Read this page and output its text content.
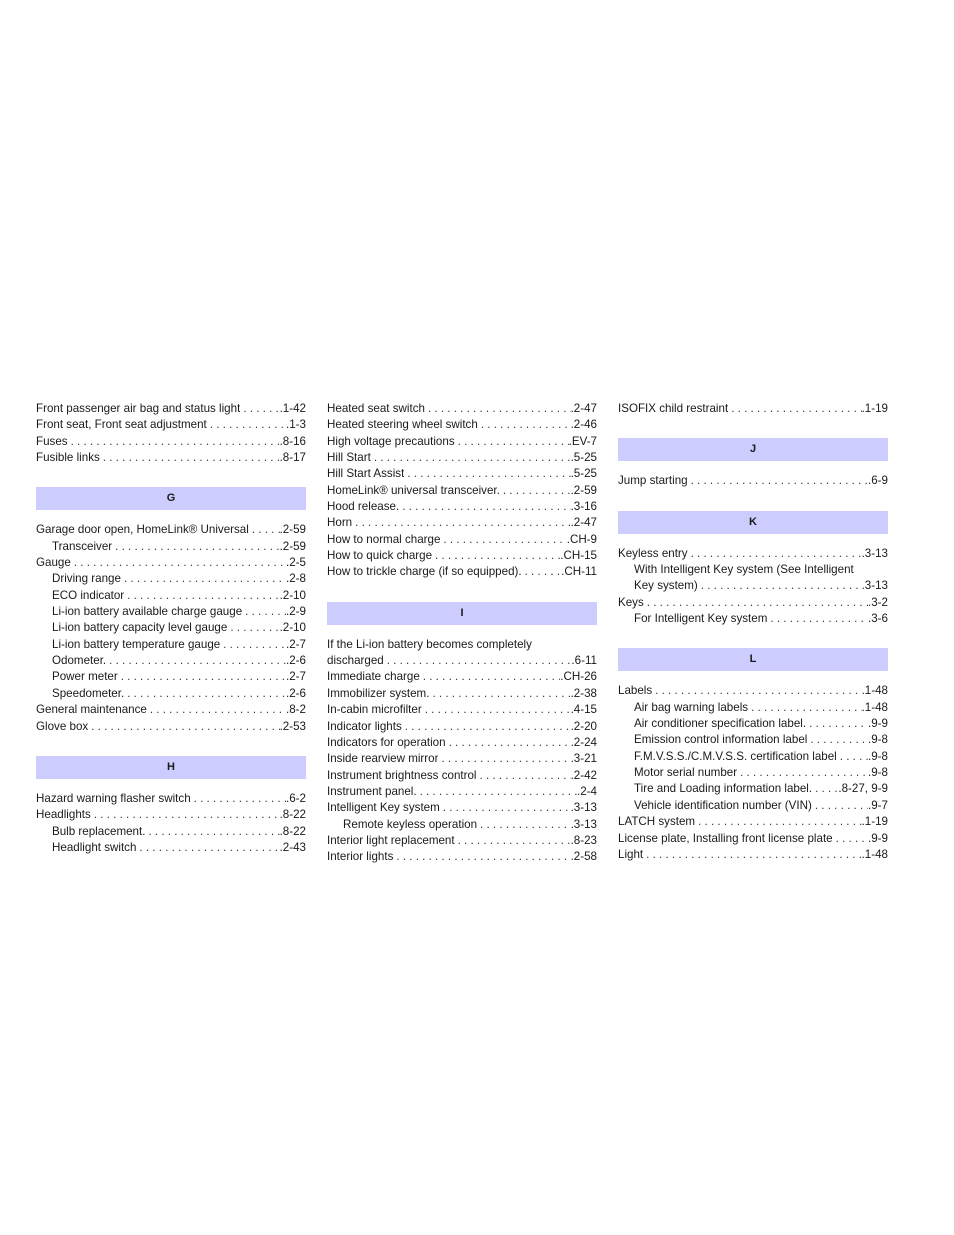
Front passenger air bag and status light . . .	.1-42
Front seat, Front seat adjustment . . .	.1-3
Fuses . . .	.8-16
Fusible links . . .	.8-17
G
Garage door open, HomeLink® Universal . . .	.2-59
Transceiver . . .	.2-59
Gauge . . .	.2-5
Driving range . . .	.2-8
ECO indicator . . .	.2-10
Li-ion battery available charge gauge . . .	.2-9
Li-ion battery capacity level gauge . . .	.2-10
Li-ion battery temperature gauge . . .	.2-7
Odometer. . . .	.2-6
Power meter . . .	.2-7
Speedometer. . . .	.2-6
General maintenance . . .	.8-2
Glove box . . .	.2-53
H
Hazard warning flasher switch . . .	.6-2
Headlights . . .	.8-22
Bulb replacement. . . .	.8-22
Headlight switch . . .	.2-43
Heated seat switch . . .	.2-47
Heated steering wheel switch . . .	.2-46
High voltage precautions . . .	.EV-7
Hill Start . . .	.5-25
Hill Start Assist . . .	.5-25
HomeLink® universal transceiver. . . .	.2-59
Hood release. . . .	.3-16
Horn . . .	.2-47
How to normal charge . . .	.CH-9
How to quick charge . . .	.CH-15
How to trickle charge (if so equipped). . . .	.CH-11
I
If the Li-ion battery becomes completely
discharged . . .	.6-11
Immediate charge . . .	.CH-26
Immobilizer system. . . .	.2-38
In-cabin microfilter . . .	.4-15
Indicator lights . . .	.2-20
Indicators for operation . . .	.2-24
Inside rearview mirror . . .	.3-21
Instrument brightness control . . .	.2-42
Instrument panel. . . .	.2-4
Intelligent Key system . . .	.3-13
Remote keyless operation . . .	.3-13
Interior light replacement . . .	.8-23
Interior lights . . .	.2-58
ISOFIX child restraint . . .	.1-19
J
Jump starting . . .	.6-9
K
Keyless entry . . .	.3-13
With Intelligent Key system (See Intelligent
Key system) . . .	.3-13
Keys . . .	.3-2
For Intelligent Key system . . .	.3-6
L
Labels . . .	.1-48
Air bag warning labels . . .	.1-48
Air conditioner specification label. . . .	.9-9
Emission control information label . . .	.9-8
F.M.V.S.S./C.M.V.S.S. certification label . . .	.9-8
Motor serial number . . .	.9-8
Tire and Loading information label. . . . .8-27, 9-9
Vehicle identification number (VIN) . . .	.9-7
LATCH system . . .	.1-19
License plate, Installing front license plate . . .	.9-9
Light . . .	.1-48
